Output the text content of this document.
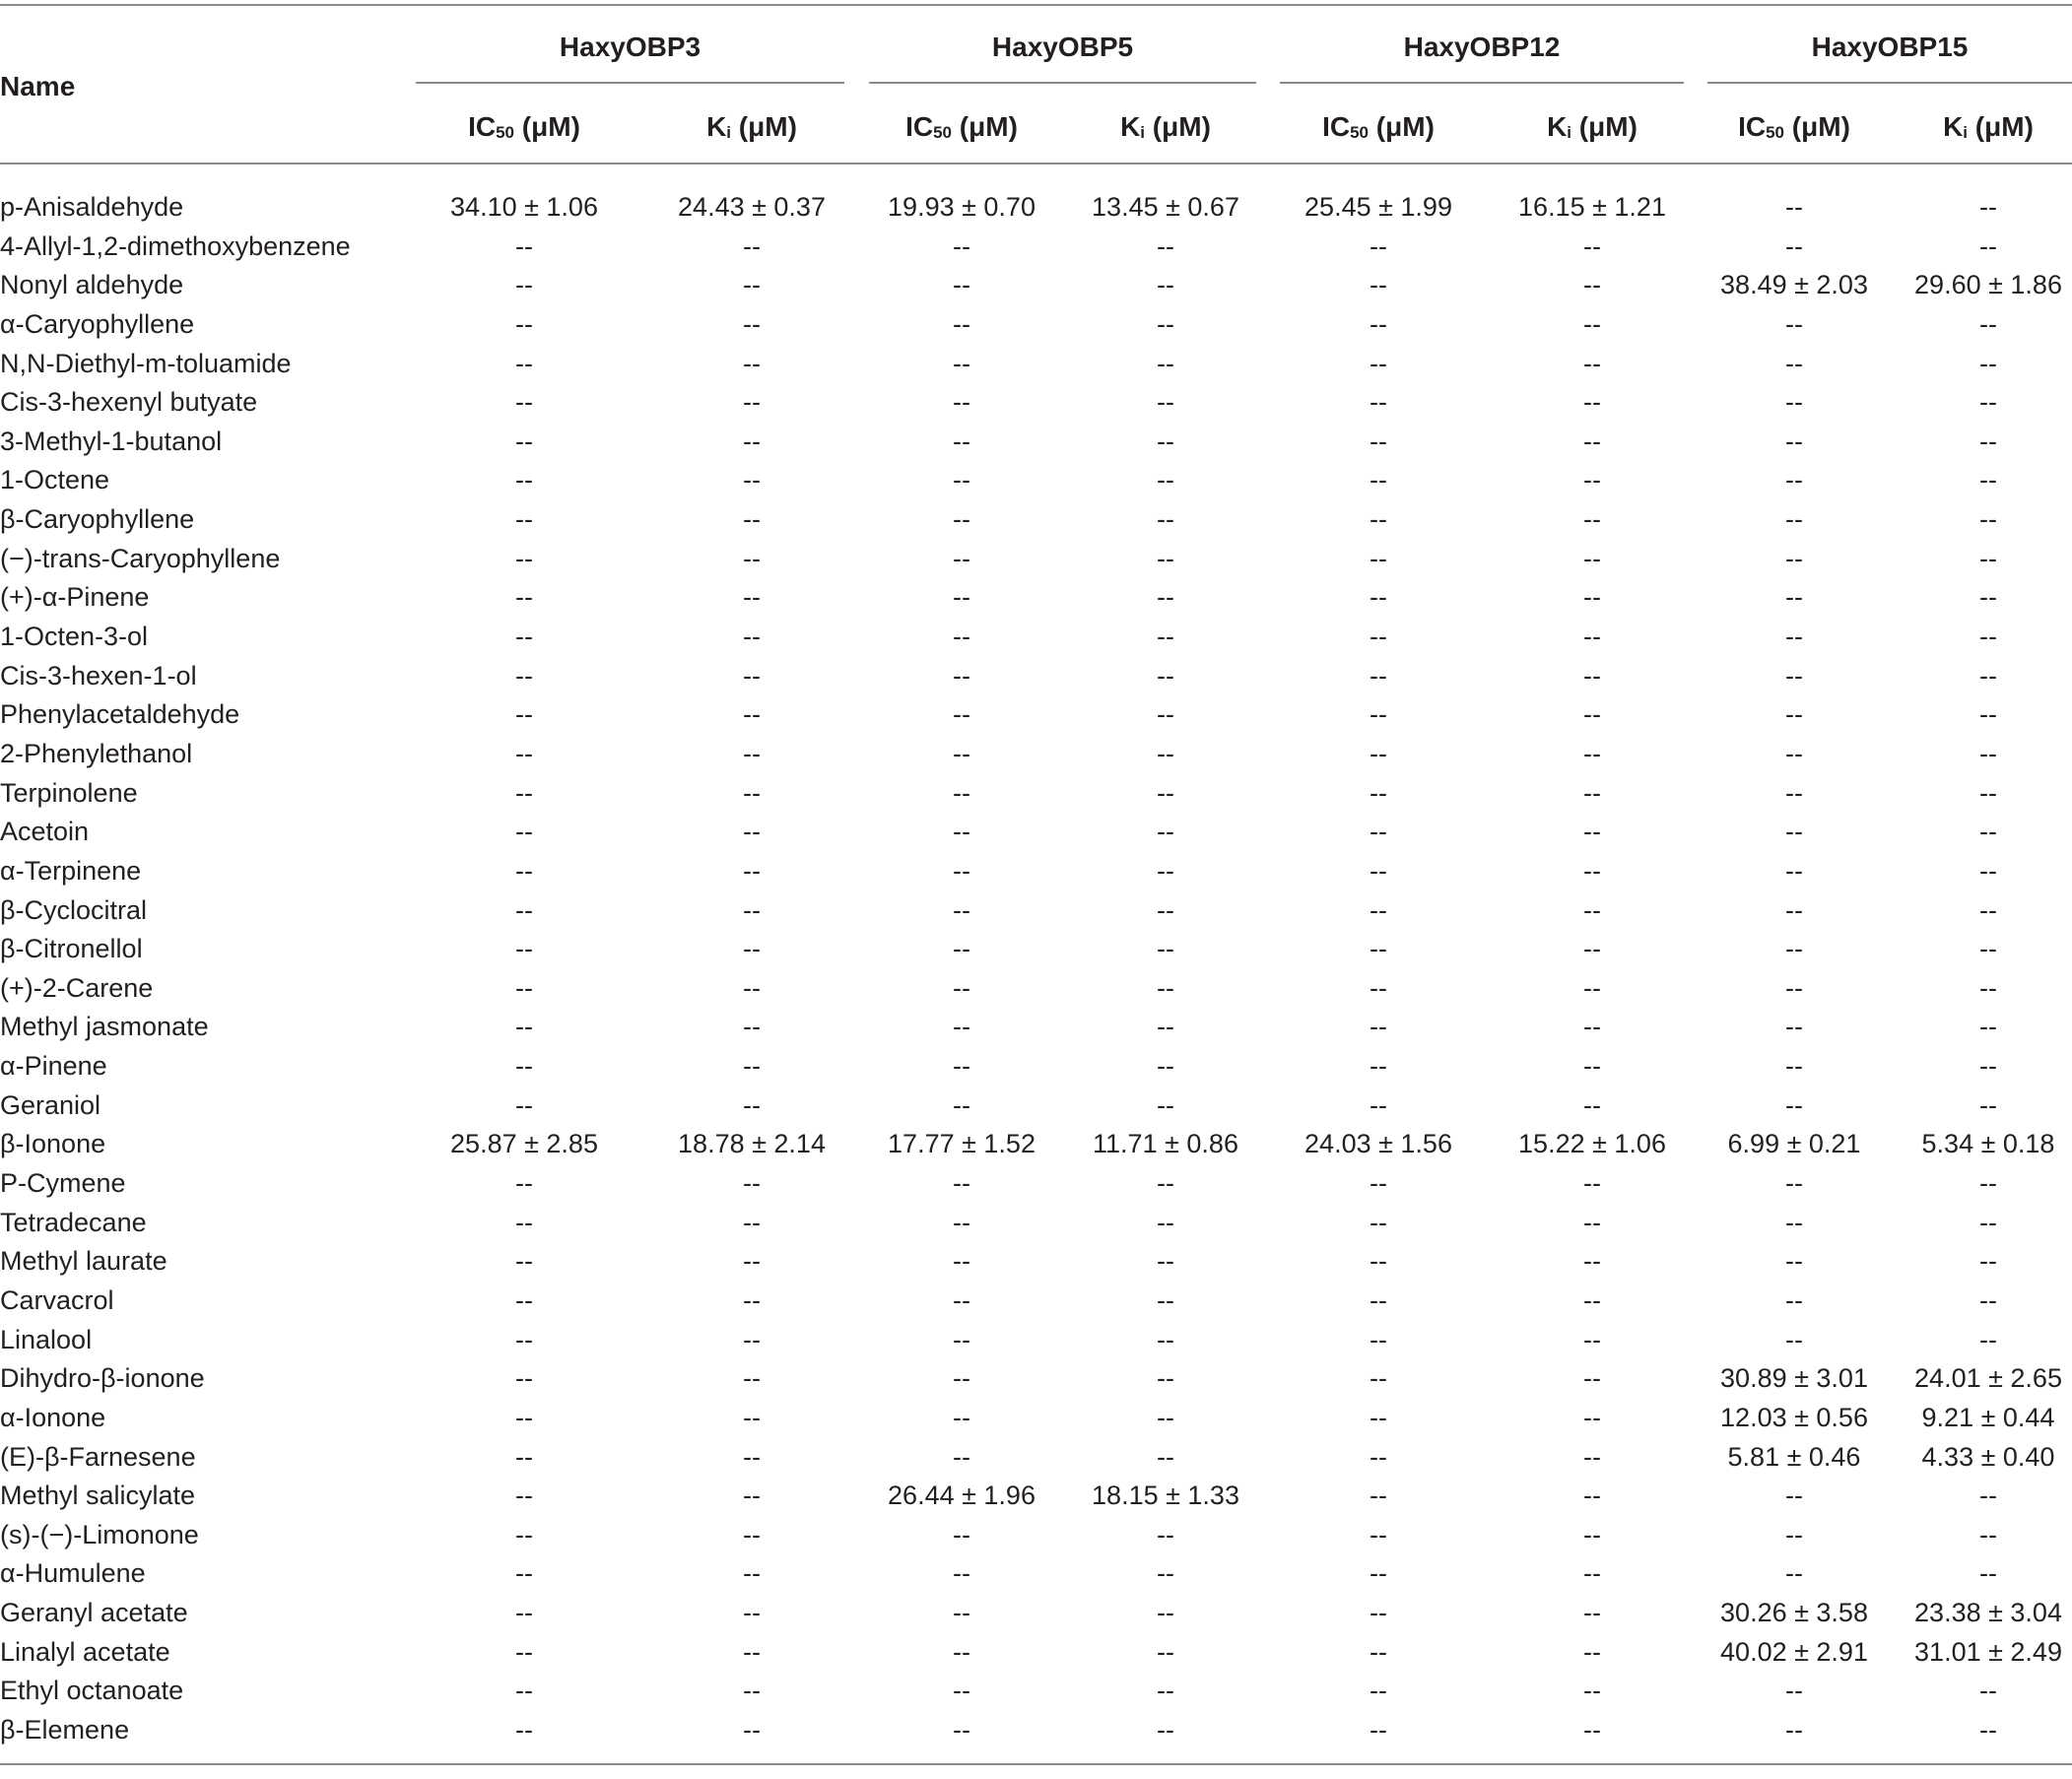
Name
HaxyOBP3	HaxyOBP5	HaxyOBP12	HaxyOBP15
$IC_{50}$ (μM)	$K_i$ (μM)	$IC_{50}$ (μM)	$K_i$ (μM)	$IC_{50}$ (μM)	$K_i$ (μM)	$IC_{50}$ (μM)	$K_i$ (μM)
p-Anisaldehyde	34.10 ± 1.06	24.43 ± 0.37	19.93 ± 0.70	13.45 ± 0.67	25.45 ± 1.99	16.15 ± 1.21	--	--
4-Allyl-1,2-dimethoxybenzene	--	--	--	--	--	--	--	--
Nonyl aldehyde	--	--	--	--	--	--	38.49 ± 2.03	29.60 ± 1.86
α-Caryophyllene	--	--	--	--	--	--	--	--
N,N-Diethyl-m-toluamide	--	--	--	--	--	--	--	--
Cis-3-hexenyl butyate	--	--	--	--	--	--	--	--
3-Methyl-1-butanol	--	--	--	--	--	--	--	--
1-Octene	--	--	--	--	--	--	--	--
β-Caryophyllene	--	--	--	--	--	--	--	--
(−)-trans-Caryophyllene	--	--	--	--	--	--	--	--
(+)-α-Pinene	--	--	--	--	--	--	--	--
1-Octen-3-ol	--	--	--	--	--	--	--	--
Cis-3-hexen-1-ol	--	--	--	--	--	--	--	--
Phenylacetaldehyde	--	--	--	--	--	--	--	--
2-Phenylethanol	--	--	--	--	--	--	--	--
Terpinolene	--	--	--	--	--	--	--	--
Acetoin	--	--	--	--	--	--	--	--
α-Terpinene	--	--	--	--	--	--	--	--
β-Cyclocitral	--	--	--	--	--	--	--	--
β-Citronellol	--	--	--	--	--	--	--	--
(+)-2-Carene	--	--	--	--	--	--	--	--
Methyl jasmonate	--	--	--	--	--	--	--	--
α-Pinene	--	--	--	--	--	--	--	--
Geraniol	--	--	--	--	--	--	--	--
β-Ionone	25.87 ± 2.85	18.78 ± 2.14	17.77 ± 1.52	11.71 ± 0.86	24.03 ± 1.56	15.22 ± 1.06	6.99 ± 0.21	5.34 ± 0.18
P-Cymene	--	--	--	--	--	--	--	--
Tetradecane	--	--	--	--	--	--	--	--
Methyl laurate	--	--	--	--	--	--	--	--
Carvacrol	--	--	--	--	--	--	--	--
Linalool	--	--	--	--	--	--	--	--
Dihydro-β-ionone	--	--	--	--	--	--	30.89 ± 3.01	24.01 ± 2.65
α-Ionone	--	--	--	--	--	--	12.03 ± 0.56	9.21 ± 0.44
(E)-β-Farnesene	--	--	--	--	--	--	5.81 ± 0.46	4.33 ± 0.40
Methyl salicylate	--	--	26.44 ± 1.96	18.15 ± 1.33	--	--	--	--
(s)-(−)-Limonone	--	--	--	--	--	--	--	--
α-Humulene	--	--	--	--	--	--	--	--
Geranyl acetate	--	--	--	--	--	--	30.26 ± 3.58	23.38 ± 3.04
Linalyl acetate	--	--	--	--	--	--	40.02 ± 2.91	31.01 ± 2.49
Ethyl octanoate	--	--	--	--	--	--	--	--
β-Elemene	--	--	--	--	--	--	--	--
